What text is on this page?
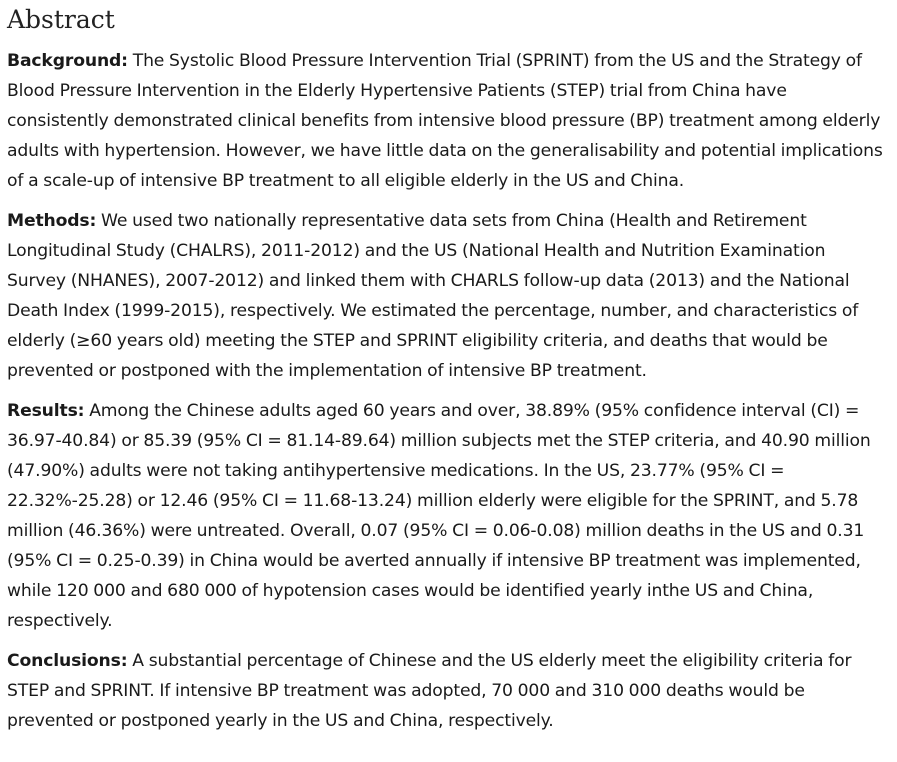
Abstract

Background: The Systolic Blood Pressure Intervention Trial (SPRINT) from the US and the Strategy of Blood Pressure Intervention in the Elderly Hypertensive Patients (STEP) trial from China have consistently demonstrated clinical benefits from intensive blood pressure (BP) treatment among elderly adults with hypertension. However, we have little data on the generalisability and potential implications of a scale-up of intensive BP treatment to all eligible elderly in the US and China.

Methods: We used two nationally representative data sets from China (Health and Retirement Longitudinal Study (CHALRS), 2011-2012) and the US (National Health and Nutrition Examination Survey (NHANES), 2007-2012) and linked them with CHARLS follow-up data (2013) and the National Death Index (1999-2015), respectively. We estimated the percentage, number, and characteristics of elderly (≥60 years old) meeting the STEP and SPRINT eligibility criteria, and deaths that would be prevented or postponed with the implementation of intensive BP treatment.

Results: Among the Chinese adults aged 60 years and over, 38.89% (95% confidence interval (CI) = 36.97-40.84) or 85.39 (95% CI = 81.14-89.64) million subjects met the STEP criteria, and 40.90 million (47.90%) adults were not taking antihypertensive medications. In the US, 23.77% (95% CI = 22.32%-25.28) or 12.46 (95% CI = 11.68-13.24) million elderly were eligible for the SPRINT, and 5.78 million (46.36%) were untreated. Overall, 0.07 (95% CI = 0.06-0.08) million deaths in the US and 0.31 (95% CI = 0.25-0.39) in China would be averted annually if intensive BP treatment was implemented, while 120 000 and 680 000 of hypotension cases would be identified yearly inthe US and China, respectively.

Conclusions: A substantial percentage of Chinese and the US elderly meet the eligibility criteria for STEP and SPRINT. If intensive BP treatment was adopted, 70 000 and 310 000 deaths would be prevented or postponed yearly in the US and China, respectively.
